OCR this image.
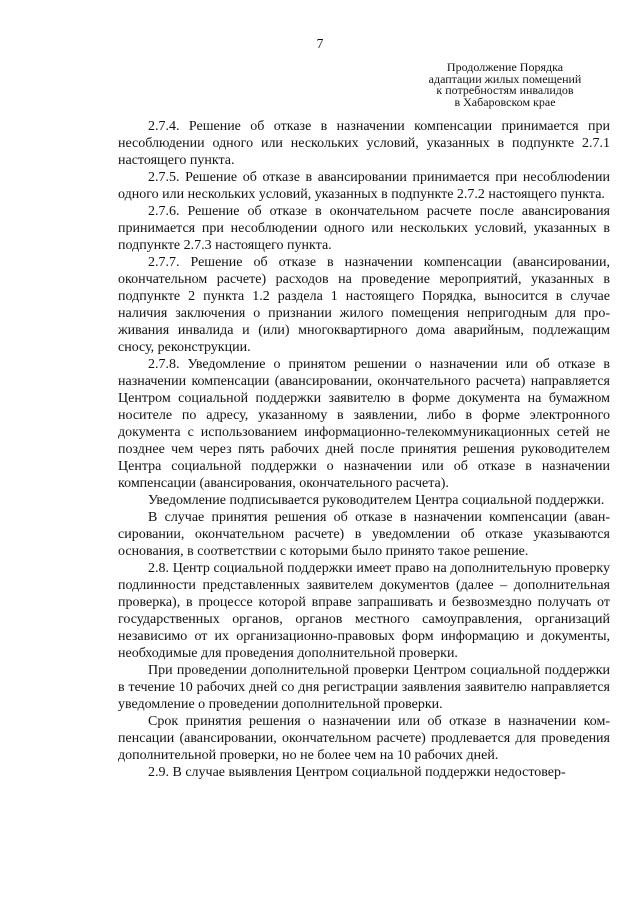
7

Продолжение Порядка
адаптации жилых помещений
к потребностям инвалидов
в Хабаровском крае

2.7.4. Решение об отказе в назначении компенсации принимается при несоблюдении одного или нескольких условий, указанных в подпункте 2.7.1 настоящего пункта.

2.7.5. Решение об отказе в авансировании принимается при несоблюdении одного или нескольких условий, указанных в подпункте 2.7.2 настоящего пункта.

2.7.6. Решение об отказе в окончательном расчете после авансирования принимается при несоблюдении одного или нескольких условий, указанных в подпункте 2.7.3 настоящего пункта.

2.7.7. Решение об отказе в назначении компенсации (авансировании, окончательном расчете) расходов на проведение мероприятий, указанных в подпункте 2 пункта 1.2 раздела 1 настоящего Порядка, выносится в случае наличия заключения о признании жилого помещения непригодным для проживания инвалида и (или) многоквартирного дома аварийным, подлежащим сносу, реконструкции.

2.7.8. Уведомление о принятом решении о назначении или об отказе в назначении компенсации (авансировании, окончательного расчета) направляется Центром социальной поддержки заявителю в форме документа на бумажном носителе по адресу, указанному в заявлении, либо в форме электронного документа с использованием информационно-телекоммуникационных сетей не позднее чем через пять рабочих дней после принятия решения руководителем Центра социальной поддержки о назначении или об отказе в назначении компенсации (авансирования, окончательного расчета).

Уведомление подписывается руководителем Центра социальной поддержки.

В случае принятия решения об отказе в назначении компенсации (авансировании, окончательном расчете) в уведомлении об отказе указываются основания, в соответствии с которыми было принято такое решение.

2.8. Центр социальной поддержки имеет право на дополнительную проверку подлинности представленных заявителем документов (далее – дополнительная проверка), в процессе которой вправе запрашивать и безвозмездно получать от государственных органов, органов местного самоуправления, организаций независимо от их организационно-правовых форм информацию и документы, необходимые для проведения дополнительной проверки.

При проведении дополнительной проверки Центром социальной поддержки в течение 10 рабочих дней со дня регистрации заявления заявителю направляется уведомление о проведении дополнительной проверки.

Срок принятия решения о назначении или об отказе в назначении компенсации (авансировании, окончательном расчете) продлевается для проведения дополнительной проверки, но не более чем на 10 рабочих дней.

2.9. В случае выявления Центром социальной поддержки недостовер-
